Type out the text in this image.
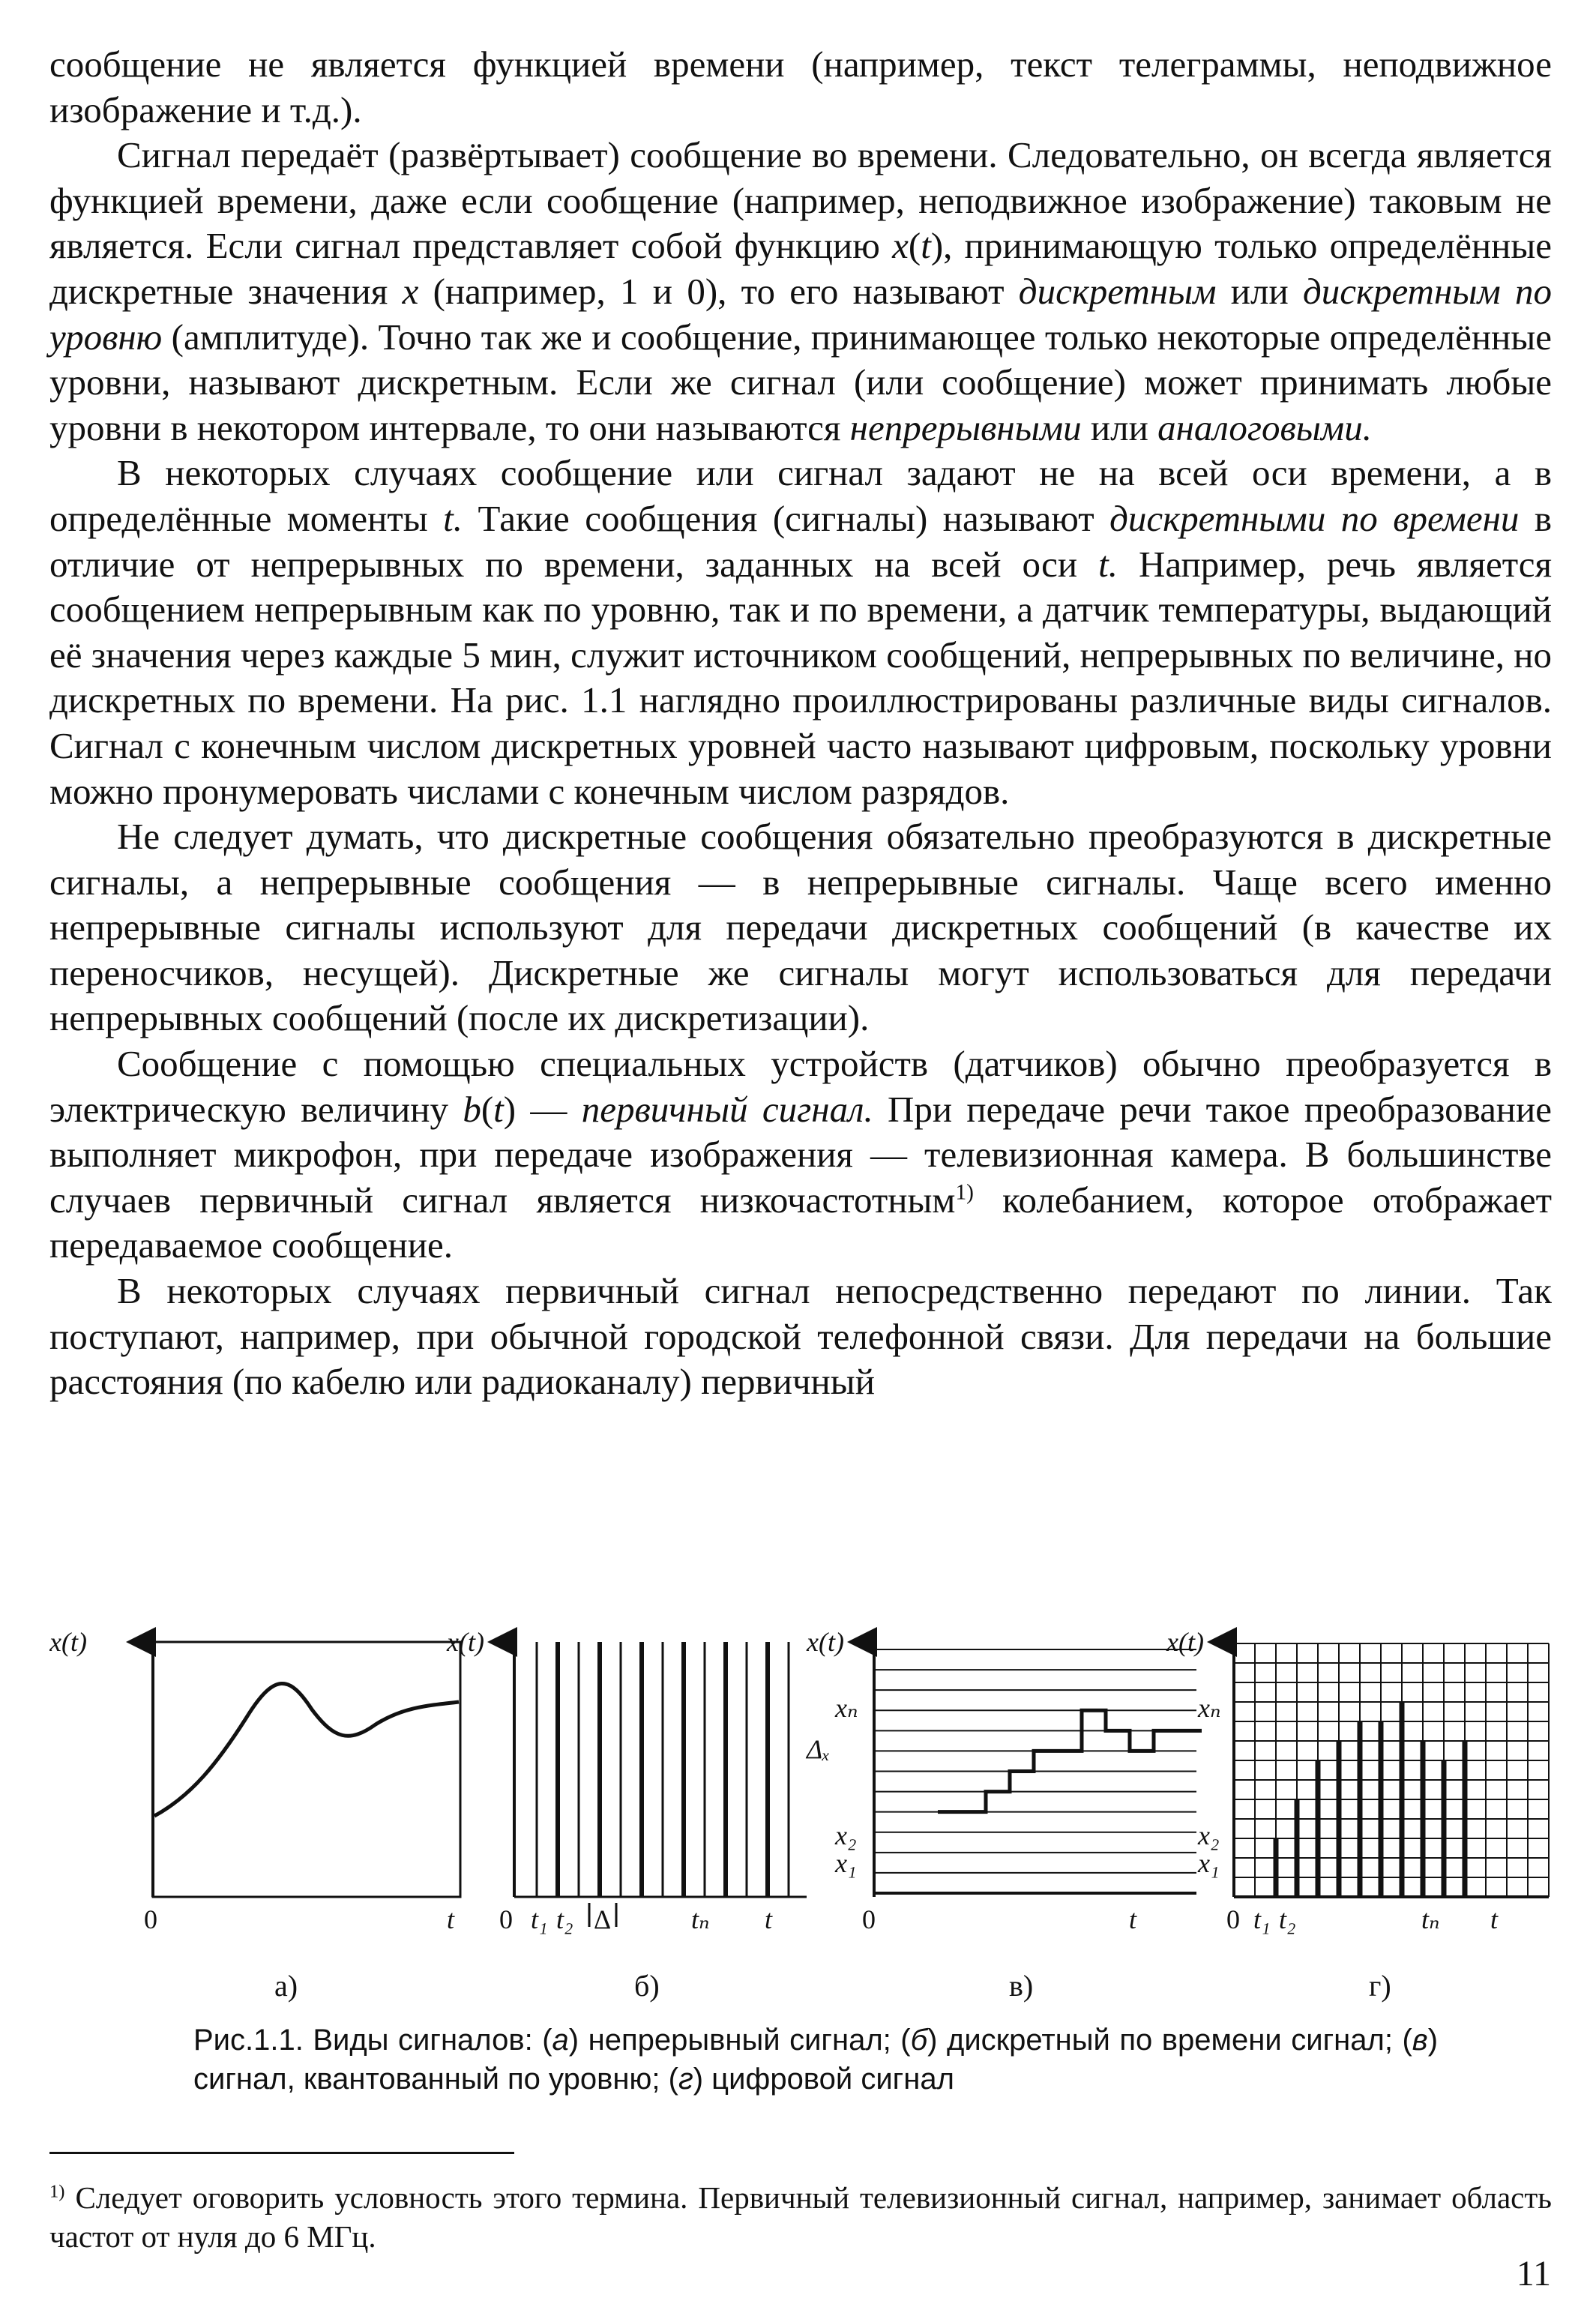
сообщение не является функцией времени (например, текст телеграммы, неподвижное изображение и т.д.).

Сигнал передаёт (развёртывает) сообщение во времени. Следовательно, он всегда является функцией времени, даже если сообщение (например, неподвижное изображение) таковым не является. Если сигнал представляет собой функцию x(t), принимающую только определённые дискретные значения x (например, 1 и 0), то его называют дискретным или дискретным по уровню (амплитуде). Точно так же и сообщение, принимающее только некоторые определённые уровни, называют дискретным. Если же сигнал (или сообщение) может принимать любые уровни в некотором интервале, то они называются непрерывными или аналоговыми.

В некоторых случаях сообщение или сигнал задают не на всей оси времени, а в определённые моменты t. Такие сообщения (сигналы) называют дискретными по времени в отличие от непрерывных по времени, заданных на всей оси t. Например, речь является сообщением непрерывным как по уровню, так и по времени, а датчик температуры, выдающий её значения через каждые 5 мин, служит источником сообщений, непрерывных по величине, но дискретных по времени. На рис. 1.1 наглядно проиллюстрированы различные виды сигналов. Сигнал с конечным числом дискретных уровней часто называют цифровым, поскольку уровни можно пронумеровать числами с конечным числом разрядов.

Не следует думать, что дискретные сообщения обязательно преобразуются в дискретные сигналы, а непрерывные сообщения — в непрерывные сигналы. Чаще всего именно непрерывные сигналы используют для передачи дискретных сообщений (в качестве их переносчиков, несущей). Дискретные же сигналы могут использоваться для передачи непрерывных сообщений (после их дискретизации).

Сообщение с помощью специальных устройств (датчиков) обычно преобразуется в электрическую величину b(t) — первичный сигнал. При передаче речи такое преобразование выполняет микрофон, при передаче изображения — телевизионная камера. В большинстве случаев первичный сигнал является низкочастотным$^{1)}$ колебанием, которое отображает передаваемое сообщение.

В некоторых случаях первичный сигнал непосредственно передают по линии. Так поступают, например, при обычной городской телефонной связи. Для передачи на большие расстояния (по кабелю или радиоканалу) первичный

x(t)
0	t
а)
x(t)
0 t₁ t₂ Δ	tₙ t
б)
x(t)
xₙ
Δₓ
x₂
x₁
0	t
в)
x(t)
xₙ
x₂
x₁
0 t₁ t₂	tₙ t
г)
Рис.1.1. Виды сигналов: (а) непрерывный сигнал; (б) дискретный по времени сигнал; (в) сигнал, квантованный по уровню; (г) цифровой сигнал
$^{1)}$ Следует оговорить условность этого термина. Первичный телевизионный сигнал, например, занимает область частот от нуля до 6 МГц.
11
